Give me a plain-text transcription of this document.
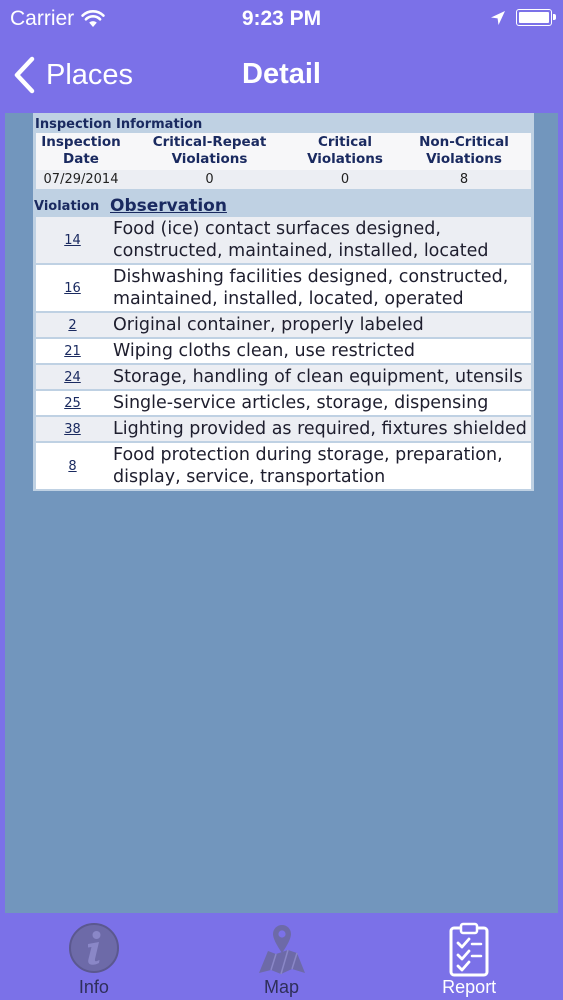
Carrier	9:23 PM
Places	Detail
Inspection Information
Inspection Date	Critical-Repeat Violations	Critical Violations	Non-Critical Violations
07/29/2014	0	0	8
Violation Observation
14	Food (ice) contact surfaces designed, constructed, maintained, installed, located
16	Dishwashing facilities designed, constructed, maintained, installed, located, operated
2	Original container, properly labeled
21	Wiping cloths clean, use restricted
24	Storage, handling of clean equipment, utensils
25	Single-service articles, storage, dispensing
38	Lighting provided as required, fixtures shielded
8	Food protection during storage, preparation, display, service, transportation
Info	Map	Report
